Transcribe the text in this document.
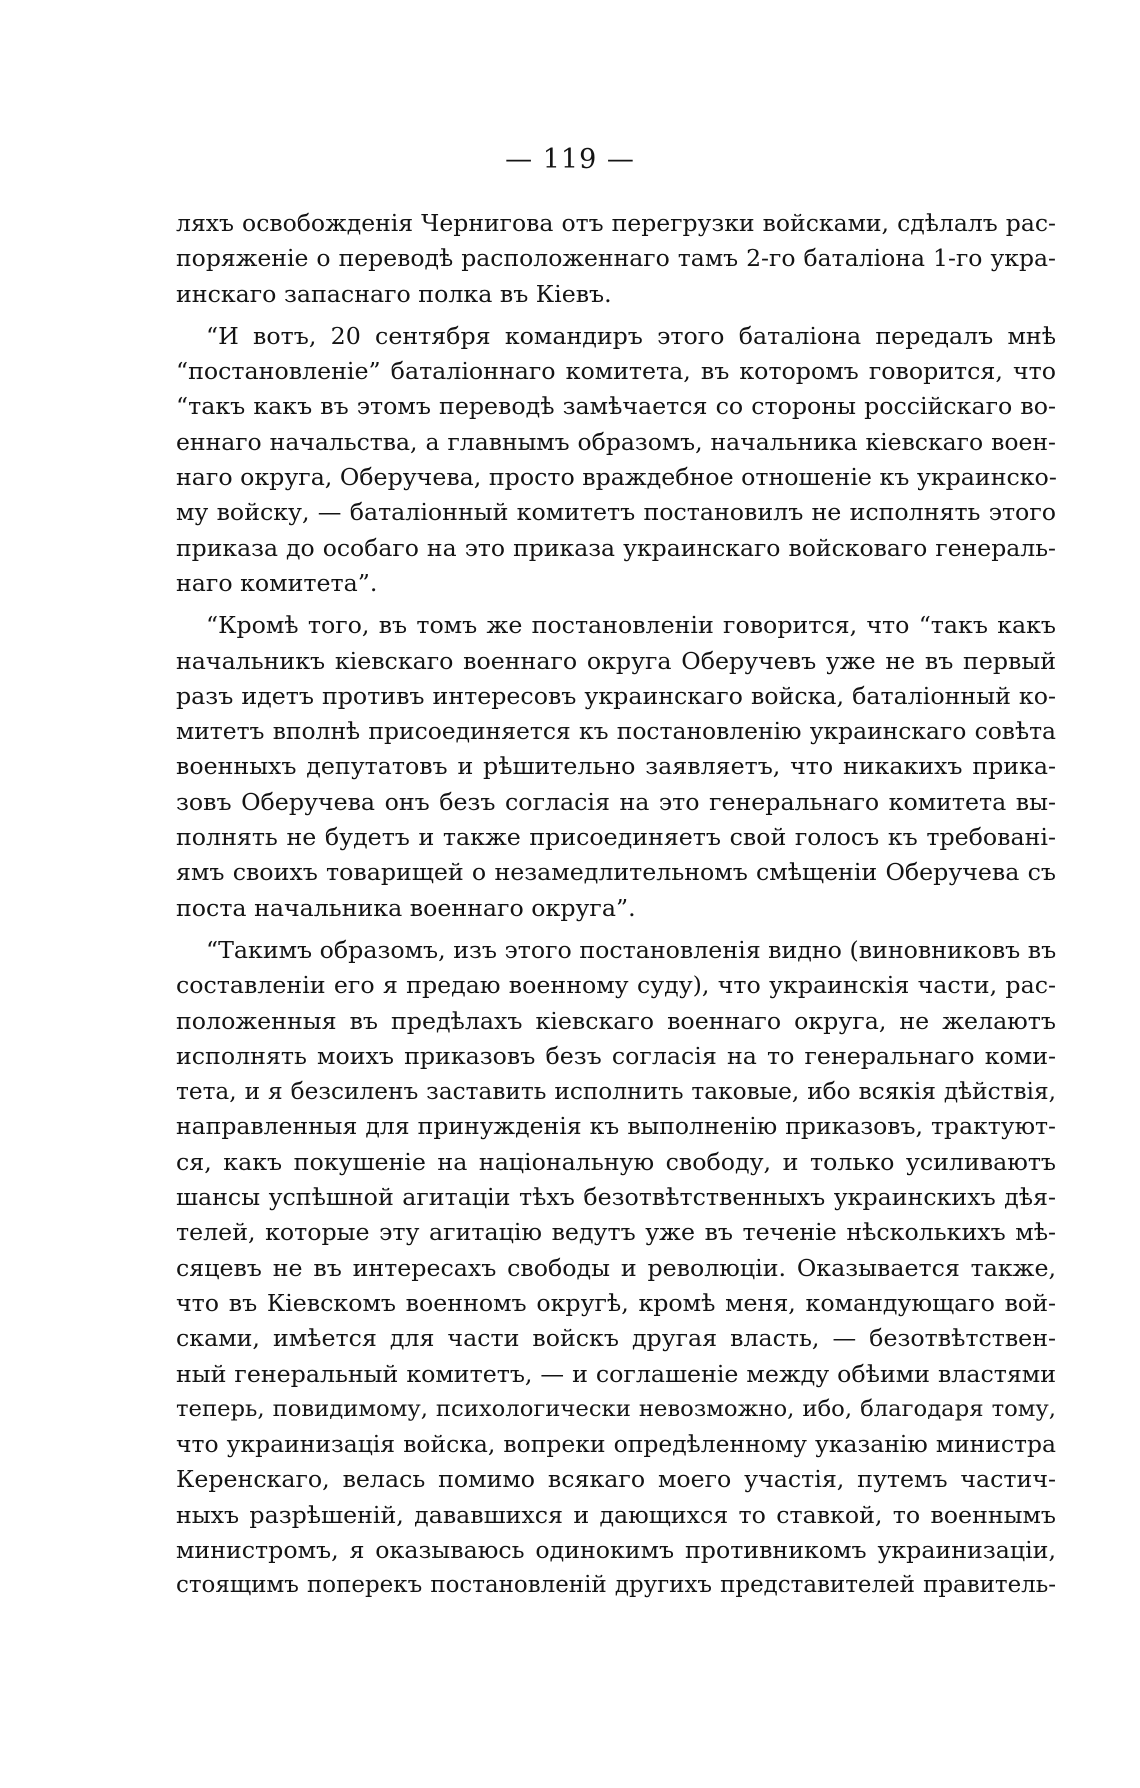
— 119 —
ляхъ освобожденія Чернигова отъ перегрузки войсками, сдѣлалъ рас-
поряженіе о переводѣ расположеннаго тамъ 2-го баталіона 1-го укра-
инскаго запаснаго полка въ Кіевъ.
“И вотъ, 20 сентября командиръ этого баталіона передалъ мнѣ
“постановленіе” баталіоннаго комитета, въ которомъ говорится, что
“такъ какъ въ этомъ переводѣ замѣчается со стороны россійскаго во-
еннаго начальства, а главнымъ образомъ, начальника кіевскаго воен-
наго округа, Оберучева, просто враждебное отношеніе къ украинско-
му войску, — баталіонный комитетъ постановилъ не исполнять этого
приказа до особаго на это приказа украинскаго войсковаго генераль-
наго комитета”.
“Кромѣ того, въ томъ же постановленіи говорится, что “такъ какъ
начальникъ кіевскаго военнаго округа Оберучевъ уже не въ первый
разъ идетъ противъ интересовъ украинскаго войска, баталіонный ко-
митетъ вполнѣ присоединяется къ постановленію украинскаго совѣта
военныхъ депутатовъ и рѣшительно заявляетъ, что никакихъ прика-
зовъ Оберучева онъ безъ согласія на это генеральнаго комитета вы-
полнять не будетъ и также присоединяетъ свой голосъ къ требованi-
ямъ своихъ товарищей о незамедлительномъ смѣщеніи Оберучева съ
поста начальника военнаго округа”.
“Такимъ образомъ, изъ этого постановленія видно (виновниковъ въ
составленіи его я предаю военному суду), что украинскія части, рас-
положенныя въ предѣлахъ кіевскаго военнаго округа, не желаютъ
исполнять моихъ приказовъ безъ согласія на то генеральнаго коми-
тета, и я безсиленъ заставить исполнить таковые, ибо всякія дѣйствія,
направленныя для принужденія къ выполненію приказовъ, трактуют-
ся, какъ покушеніе на національную свободу, и только усиливаютъ
шансы успѣшной агитаціи тѣхъ безотвѣтственныхъ украинскихъ дѣя-
телей, которые эту агитацію ведутъ уже въ теченіе нѣсколькихъ мѣ-
сяцевъ не въ интересахъ свободы и революціи. Оказывается также,
что въ Кіевскомъ военномъ округѣ, кромѣ меня, командующаго вой-
сками, имѣется для части войскъ другая власть, — безотвѣтствен-
ный генеральный комитетъ, — и соглашеніе между обѣими властями
теперь, повидимому, психологически невозможно, ибо, благодаря тому,
что украинизація войска, вопреки опредѣленному указанію министра
Керенскаго, велась помимо всякаго моего участія, путемъ частич-
ныхъ разрѣшеній, дававшихся и дающихся то ставкой, то военнымъ
министромъ, я оказываюсь одинокимъ противникомъ украинизаціи,
стоящимъ поперекъ постановленій другихъ представителей правитель-
